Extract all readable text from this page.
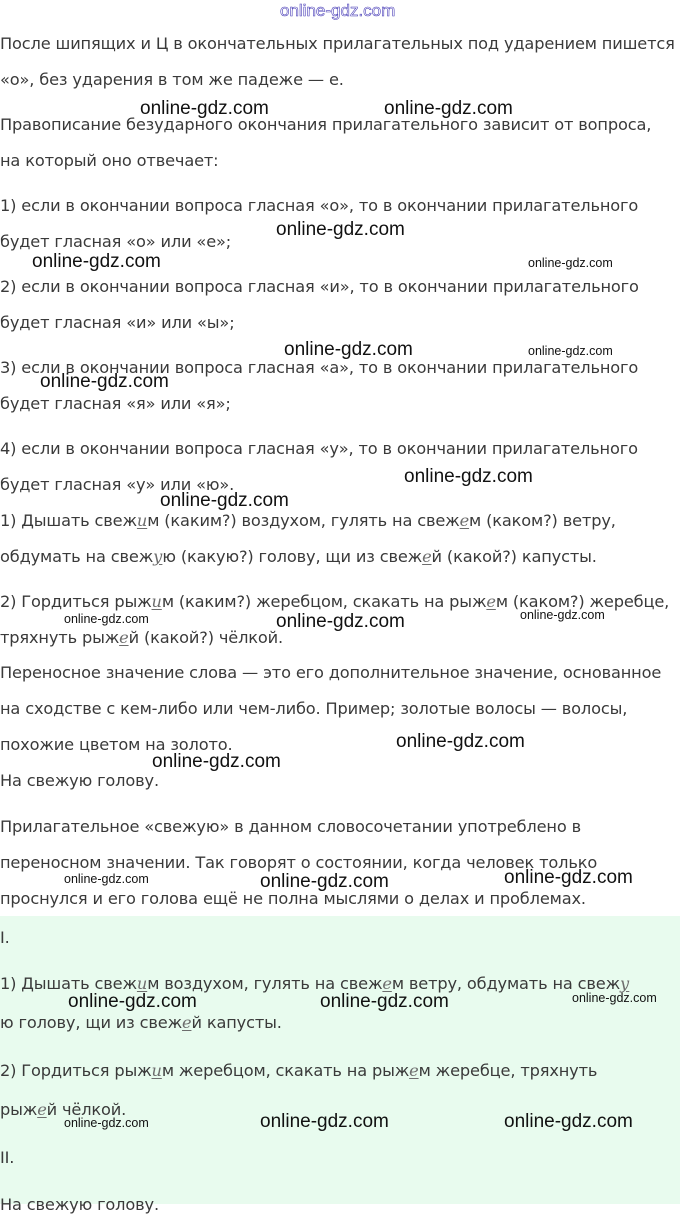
online-gdz.com
После шипящих и Ц в окончательных прилагательных под ударением пишется
«о», без ударения в том же падеже — е.
Правописание безударного окончания прилагательного зависит от вопроса,
на который оно отвечает:
1) если в окончании вопроса гласная «о», то в окончании прилагательного
будет гласная «о» или «е»;
2) если в окончании вопроса гласная «и», то в окончании прилагательного
будет гласная «и» или «ы»;
3) если в окончании вопроса гласная «а», то в окончании прилагательного
будет гласная «я» или «я»;
4) если в окончании вопроса гласная «у», то в окончании прилагательного
будет гласная «у» или «ю».
1) Дышать свежим (каким?) воздухом, гулять на свежем (каком?) ветру,
обдумать на свежую (какую?) голову, щи из свежей (какой?) капусты.
2) Гордиться рыжим (каким?) жеребцом, скакать на рыжем (каком?) жеребце,
тряхнуть рыжей (какой?) чёлкой.
Переносное значение слова — это его дополнительное значение, основанное
на сходстве с кем-либо или чем-либо. Пример; золотые волосы — волосы,
похожие цветом на золото.
На свежую голову.
Прилагательное «свежую» в данном словосочетании употреблено в
переносном значении. Так говорят о состоянии, когда человек только
проснулся и его голова ещё не полна мыслями о делах и проблемах.
I.
1) Дышать свежим воздухом, гулять на свежем ветру, обдумать на свежу
ю голову, щи из свежей капусты.
2) Гордиться рыжим жеребцом, скакать на рыжем жеребце, тряхнуть
рыжей чёлкой.
II.
На свежую голову.
online-gdz.com	online-gdz.com
online-gdz.com
online-gdz.com	online-gdz.com
online-gdz.com	online-gdz.com
online-gdz.com
online-gdz.com
online-gdz.com
online-gdz.com	online-gdz.com
online-gdz.com
online-gdz.com
online-gdz.com
online-gdz.com	online-gdz.com	online-gdz.com
online-gdz.com	online-gdz.com	online-gdz.com
online-gdz.com	online-gdz.com	online-gdz.com
